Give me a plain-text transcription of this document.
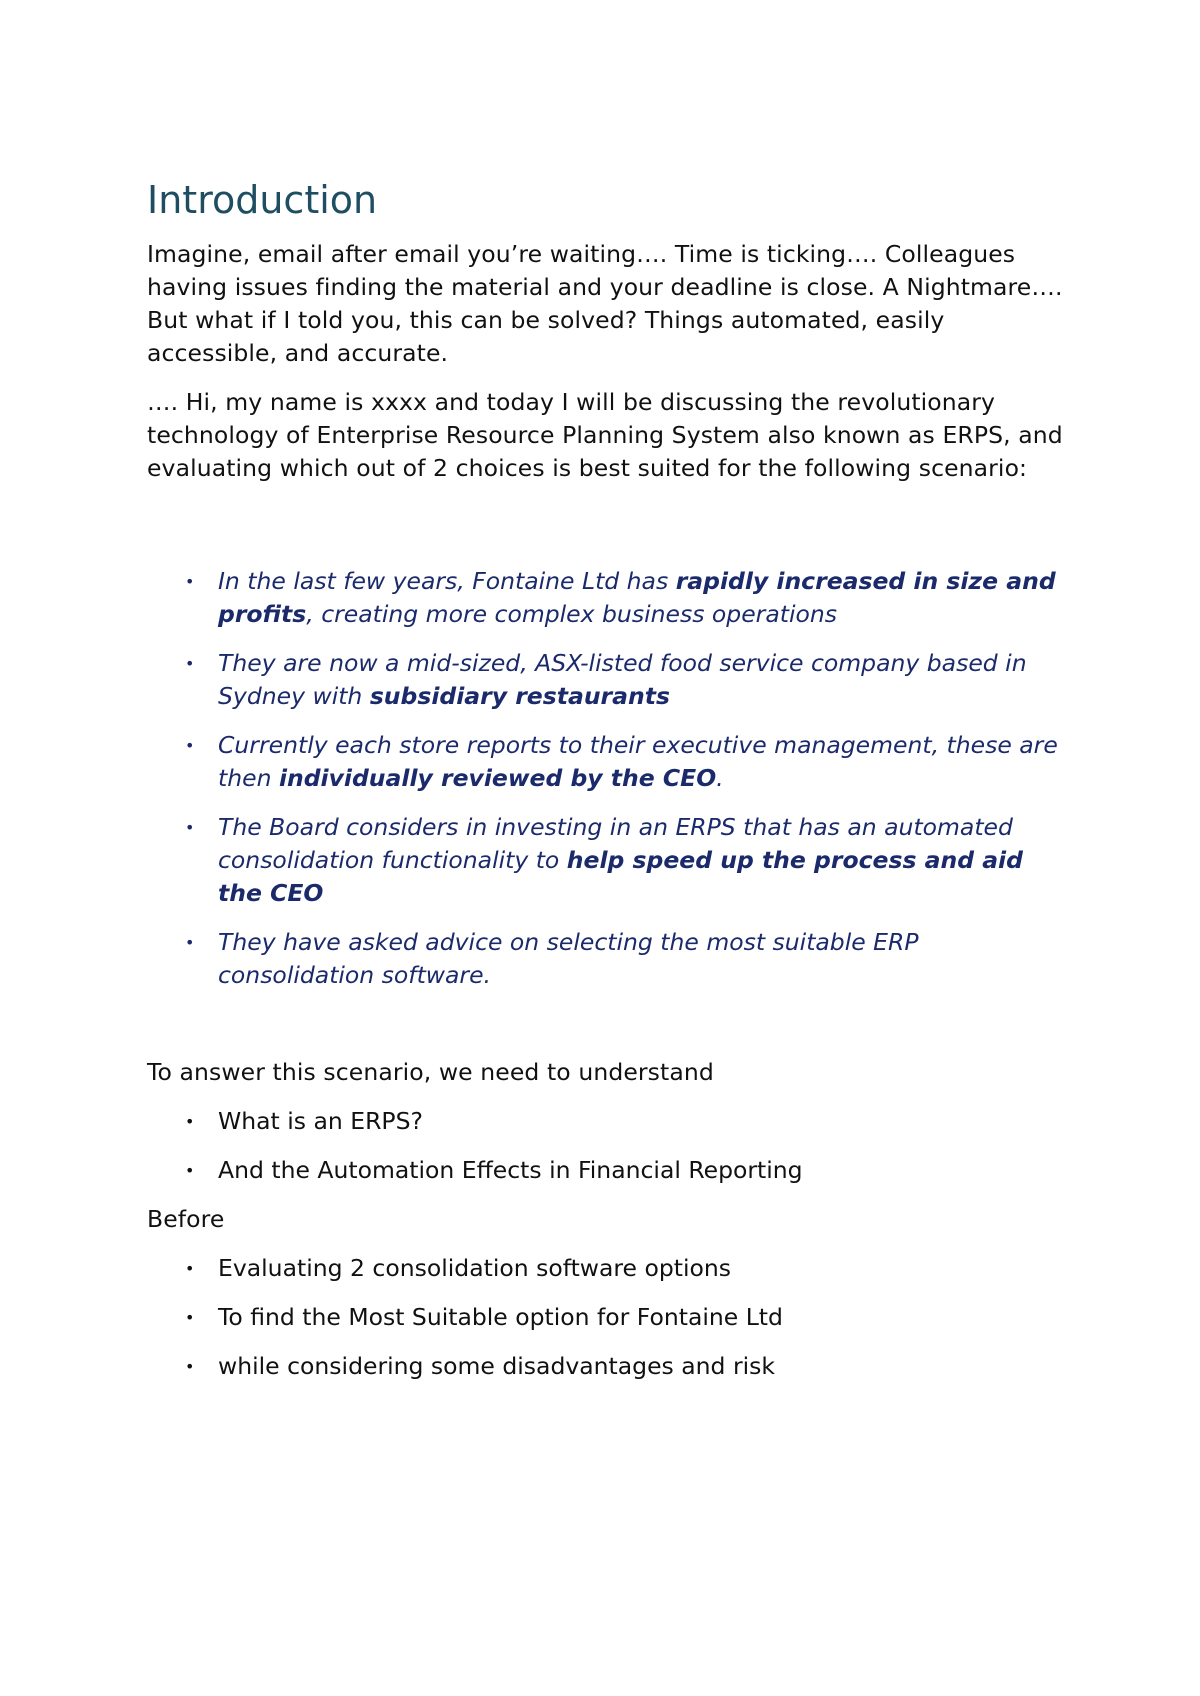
Introduction

Imagine, email after email you’re waiting…. Time is ticking…. Colleagues having issues finding the material and your deadline is close. A Nightmare…. But what if I told you, this can be solved? Things automated, easily accessible, and accurate.

…. Hi, my name is xxxx and today I will be discussing the revolutionary technology of Enterprise Resource Planning System also known as ERPS, and evaluating which out of 2 choices is best suited for the following scenario:

• In the last few years, Fontaine Ltd has rapidly increased in size and profits, creating more complex business operations
• They are now a mid-sized, ASX-listed food service company based in Sydney with subsidiary restaurants
• Currently each store reports to their executive management, these are then individually reviewed by the CEO.
• The Board considers in investing in an ERPS that has an automated consolidation functionality to help speed up the process and aid the CEO
• They have asked advice on selecting the most suitable ERP consolidation software.

To answer this scenario, we need to understand

• What is an ERPS?
• And the Automation Effects in Financial Reporting

Before

• Evaluating 2 consolidation software options
• To find the Most Suitable option for Fontaine Ltd
• while considering some disadvantages and risk
